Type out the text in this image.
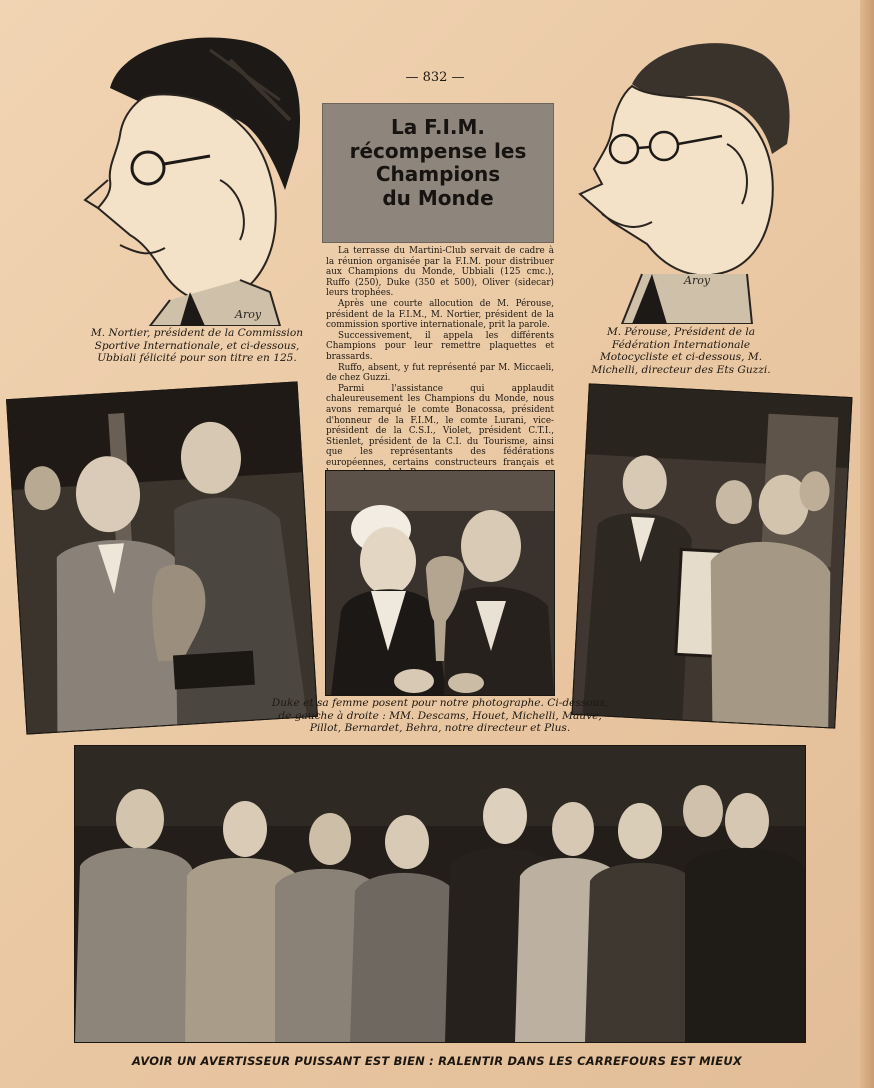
— 832 —
Aroy
M. Nortier, président de la Commission Sportive Internationale, et ci-dessous, Ubbiali félicité pour son titre en 125.
La F.I.M.
récompense les
Champions
du Monde

La terrasse du Martini-Club servait de cadre à la réunion organisée par la F.I.M. pour distribuer aux Champions du Monde, Ubbiali (125 cmc.), Ruffo (250), Duke (350 et 500), Oliver (sidecar) leurs trophées.

Après une courte allocution de M. Pérouse, président de la F.I.M., M. Nortier, président de la commission sportive internationale, prit la parole.

Successivement, il appela les différents Champions pour leur remettre plaquettes et brassards.

Ruffo, absent, y fut représenté par M. Miccaeli, de chez Guzzi.

Parmi l'assistance qui applaudit chaleureusement les Champions du Monde, nous avons remarqué le comte Bonacossa, président d'honneur de la F.I.M., le comte Lurani, vice-président de la C.S.I., Violet, président C.T.I., Stienlet, président de la C.I. du Tourisme, ainsi que les représentants des fédérations européennes, certains constructeurs français et

Aroy
M. Pérouse, Président de la Fédération Internationale Motocycliste et ci-dessous, M. Michelli, directeur des Ets Guzzi.
Duke et sa femme posent pour notre photographe. Ci-dessous, de gauche à droite : MM. Descams, Houet, Michelli, Mauve, Pillot, Bernardet, Behra, notre directeur et Plus.
AVOIR UN AVERTISSEUR PUISSANT EST BIEN : RALENTIR DANS LES CARREFOURS EST MIEUX
